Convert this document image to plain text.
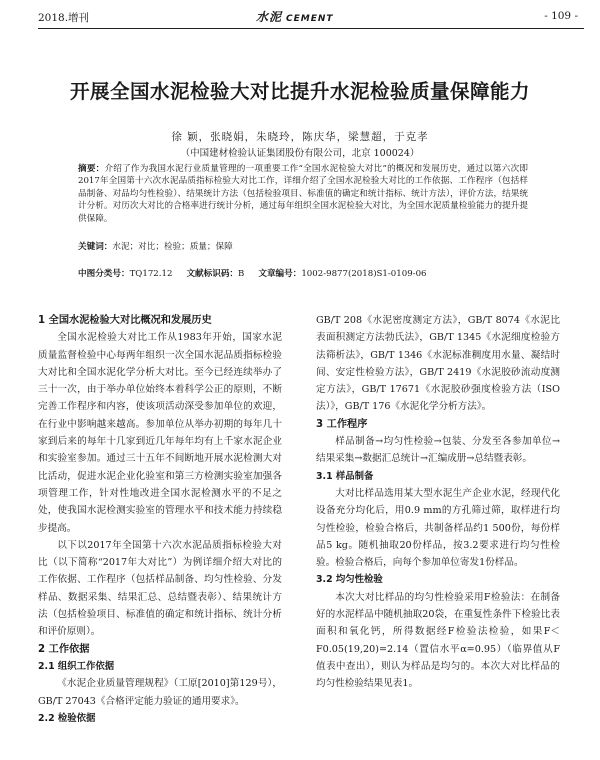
2018.增刊	水泥 CEMENT	- 109 -
开展全国水泥检验大对比提升水泥检验质量保障能力
徐 颖，张晓娟，朱晓玲，陈庆华，梁慧超，于克孝
（中国建材检验认证集团股份有限公司，北京 100024）
摘要：介绍了作为我国水泥行业质量管理的一项重要工作“全国水泥检验大对比”的概况和发展历史，通过以第六次即2017年全国第十六次水泥品质指标检验大对比工作，详细介绍了全国水泥检验大对比的工作依据、工作程序（包括样品制备、对品均匀性检验）、结果统计方法（包括检验项目、标准值的确定和统计指标、统计方法），评价方法，结果统计分析。对历次大对比的合格率进行统计分析，通过每年组织全国水泥检验大对比，为全国水泥质量检验能力的提升提供保障。
关键词：水泥；对比；检验；质量；保障
中图分类号：TQ172.12 文献标识码：B 文章编号：1002-9877(2018)S1-0109-06
1 全国水泥检验大对比概况和发展历史
全国水泥检验大对比工作从1983年开始，国家水泥质量监督检验中心每两年组织一次全国水泥品质指标检验大对比和全国水泥化学分析大对比。至今已经连续举办了三十一次，由于举办单位始终本着科学公正的原则，不断完善工作程序和内容，使该项活动深受参加单位的欢迎，在行业中影响越来越高。参加单位从举办初期的每年几十家到后来的每年十几家到近几年每年均有上千家水泥企业和实验室参加。通过三十五年不间断地开展水泥检测大对比活动，促进水泥企业化验室和第三方检测实验室加强各项管理工作，针对性地改进全国水泥检测水平的不足之处，使我国水泥检测实验室的管理水平和技术能力持续稳步提高。
以下以2017年全国第十六次水泥品质指标检验大对比（以下简称“2017年大对比”）为例详细介绍大对比的工作依据、工作程序（包括样品制备、均匀性检验、分发样品、数据采集、结果汇总、总结暨表彰）、结果统计方法（包括检验项目、标准值的确定和统计指标、统计分析和评价原则）。
2 工作依据
2.1 组织工作依据
《水泥企业质量管理规程》（工原[2010]第129号），GB/T 27043《合格评定能力验证的通用要求》。
2.2 检验依据
GB/T 208《水泥密度测定方法》，GB/T 8074《水泥比表面积测定方法勃氏法》，GB/T 1345《水泥细度检验方法筛析法》，GB/T 1346《水泥标准稠度用水量、凝结时间、安定性检验方法》，GB/T 2419《水泥胶砂流动度测定方法》，GB/T 17671《水泥胶砂强度检验方法（ISO法）》，GB/T 176《水泥化学分析方法》。
3 工作程序
样品制备→均匀性检验→包装、分发至各参加单位→结果采集→数据汇总统计→汇编成册→总结暨表彰。
3.1 样品制备
大对比样品选用某大型水泥生产企业水泥，经现代化设备充分均化后，用0.9 mm的方孔筛过筛，取样进行均匀性检验，检验合格后，共制备样品约1 500份，每份样品5 kg。随机抽取20份样品，按3.2要求进行均匀性检验。检验合格后，向每个参加单位寄发1份样品。
3.2 均匀性检验
本次大对比样品的均匀性检验采用F检验法：在制备好的水泥样品中随机抽取20袋，在重复性条件下检验比表面积和氧化钙，所得数据经F检验法检验，如果F＜F0.05(19,20)=2.14（置信水平α=0.95）（临界值从F值表中查出），则认为样品是均匀的。本次大对比样品的均匀性检验结果见表1。
